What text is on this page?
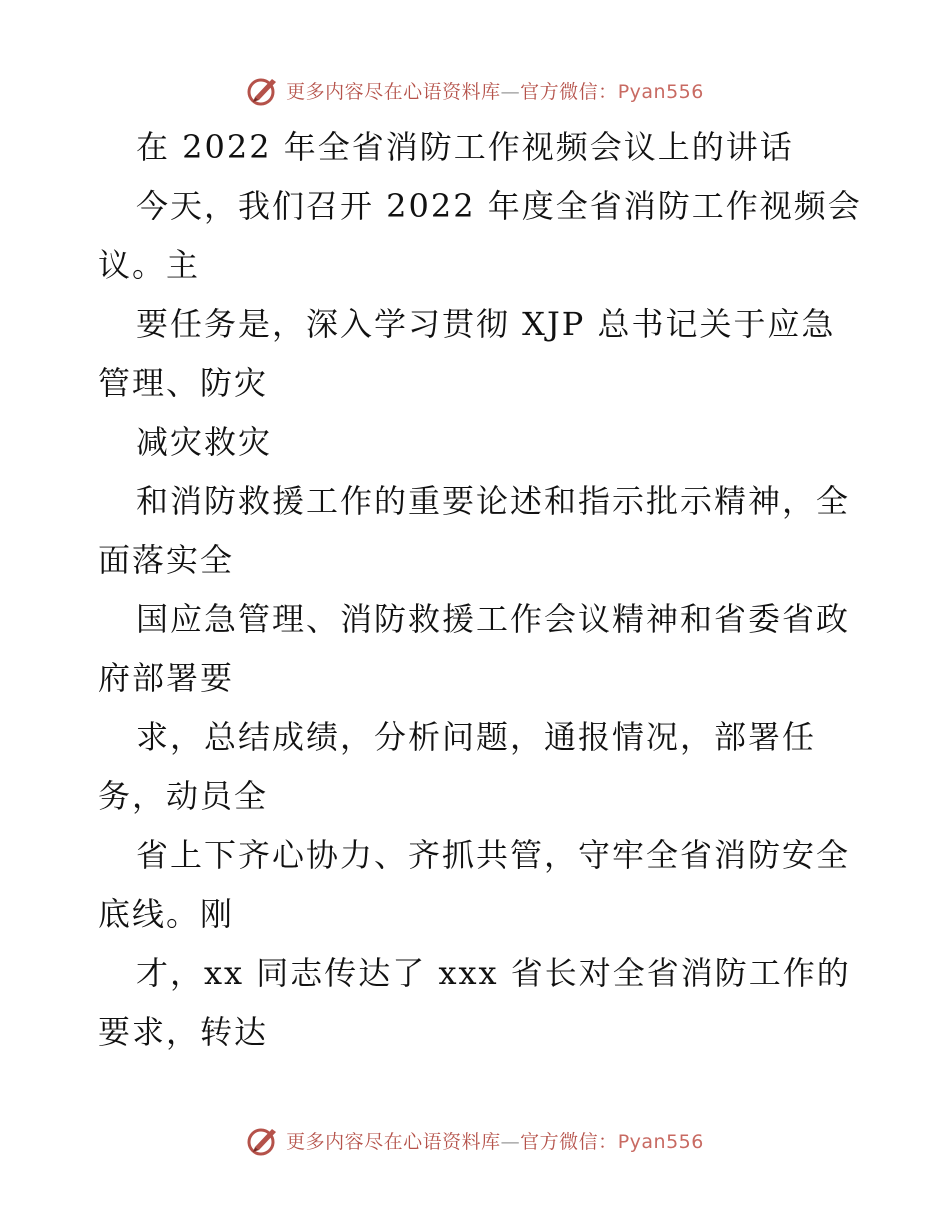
更多内容尽在心语资料库—官方微信：Pyan556
在 2022 年全省消防工作视频会议上的讲话
今天，我们召开 2022 年度全省消防工作视频会
议。主
要任务是，深入学习贯彻 XJP 总书记关于应急
管理、防灾
减灾救灾
和消防救援工作的重要论述和指示批示精神，全
面落实全
国应急管理、消防救援工作会议精神和省委省政
府部署要
求，总结成绩，分析问题，通报情况，部署任
务，动员全
省上下齐心协力、齐抓共管，守牢全省消防安全
底线。刚
才，xx 同志传达了 xxx 省长对全省消防工作的
要求，转达
更多内容尽在心语资料库—官方微信：Pyan556
